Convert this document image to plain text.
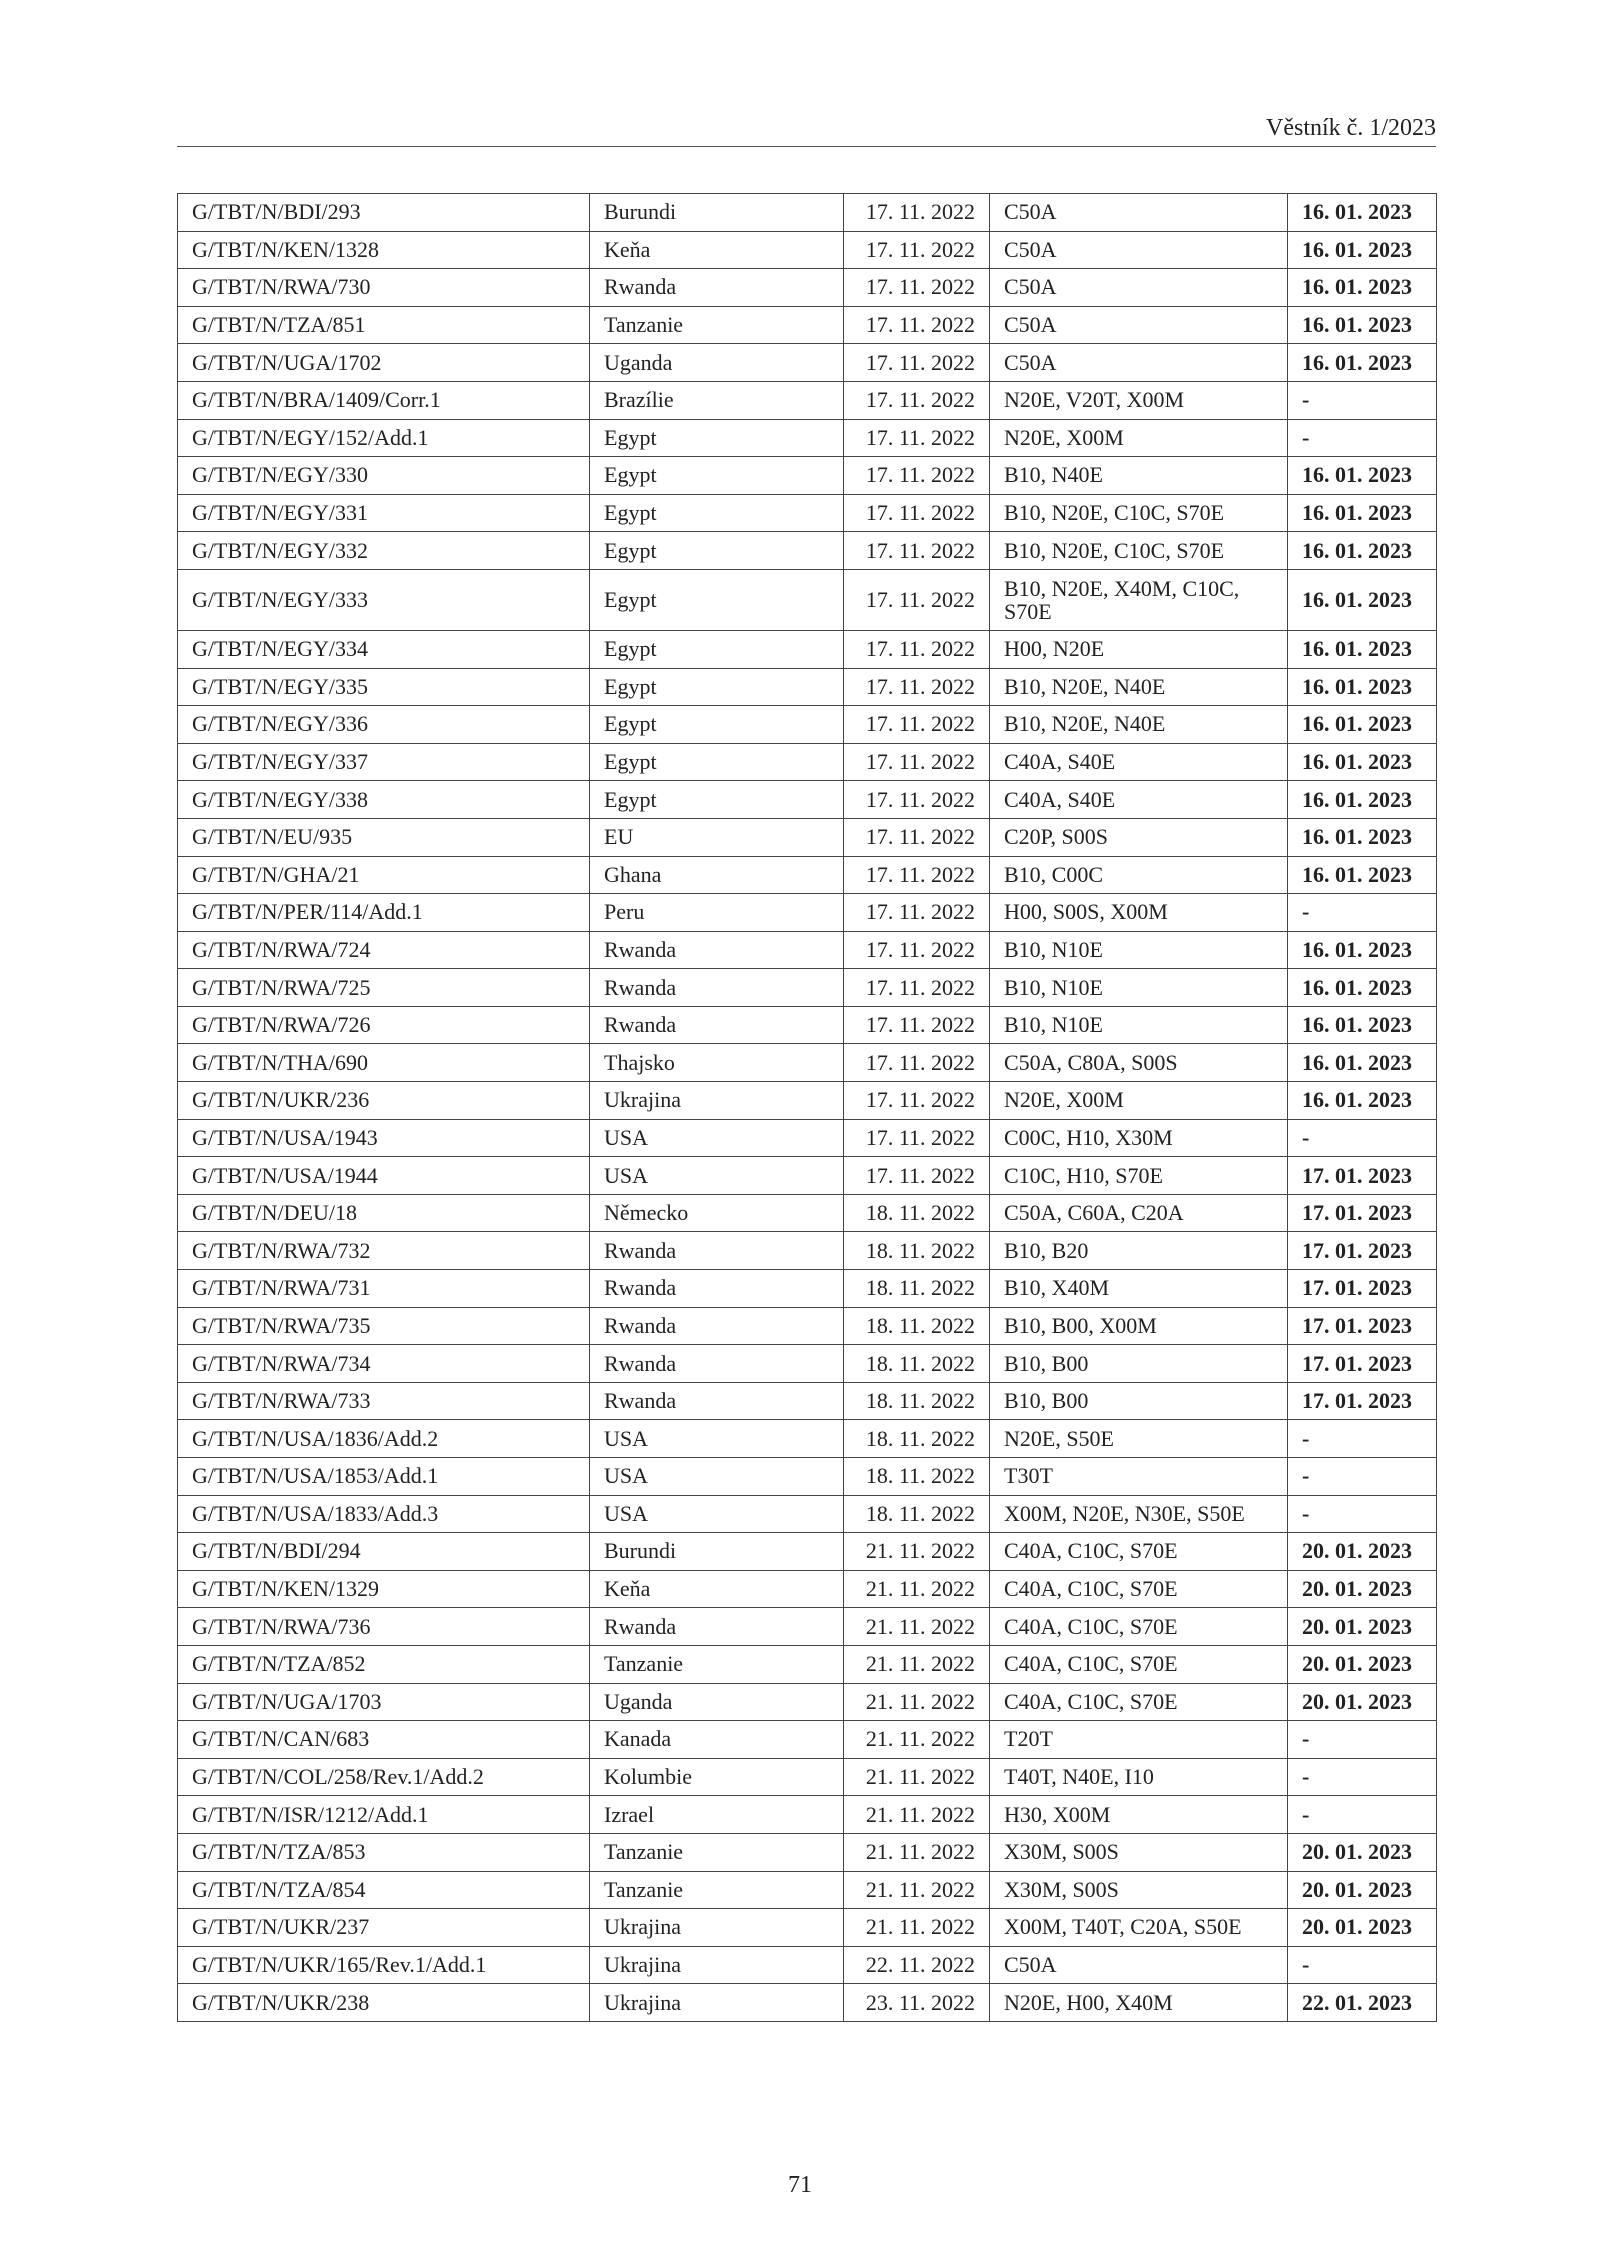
Věstník č. 1/2023
G/TBT/N/BDI/293	Burundi	17. 11. 2022	C50A	16. 01. 2023
G/TBT/N/KEN/1328	Keňa	17. 11. 2022	C50A	16. 01. 2023
G/TBT/N/RWA/730	Rwanda	17. 11. 2022	C50A	16. 01. 2023
G/TBT/N/TZA/851	Tanzanie	17. 11. 2022	C50A	16. 01. 2023
G/TBT/N/UGA/1702	Uganda	17. 11. 2022	C50A	16. 01. 2023
G/TBT/N/BRA/1409/Corr.1	Brazílie	17. 11. 2022	N20E, V20T, X00M	-
G/TBT/N/EGY/152/Add.1	Egypt	17. 11. 2022	N20E, X00M	-
G/TBT/N/EGY/330	Egypt	17. 11. 2022	B10, N40E	16. 01. 2023
G/TBT/N/EGY/331	Egypt	17. 11. 2022	B10, N20E, C10C, S70E	16. 01. 2023
G/TBT/N/EGY/332	Egypt	17. 11. 2022	B10, N20E, C10C, S70E	16. 01. 2023
G/TBT/N/EGY/333	Egypt	17. 11. 2022	B10, N20E, X40M, C10C, S70E	16. 01. 2023
G/TBT/N/EGY/334	Egypt	17. 11. 2022	H00, N20E	16. 01. 2023
G/TBT/N/EGY/335	Egypt	17. 11. 2022	B10, N20E, N40E	16. 01. 2023
G/TBT/N/EGY/336	Egypt	17. 11. 2022	B10, N20E, N40E	16. 01. 2023
G/TBT/N/EGY/337	Egypt	17. 11. 2022	C40A, S40E	16. 01. 2023
G/TBT/N/EGY/338	Egypt	17. 11. 2022	C40A, S40E	16. 01. 2023
G/TBT/N/EU/935	EU	17. 11. 2022	C20P, S00S	16. 01. 2023
G/TBT/N/GHA/21	Ghana	17. 11. 2022	B10, C00C	16. 01. 2023
G/TBT/N/PER/114/Add.1	Peru	17. 11. 2022	H00, S00S, X00M	-
G/TBT/N/RWA/724	Rwanda	17. 11. 2022	B10, N10E	16. 01. 2023
G/TBT/N/RWA/725	Rwanda	17. 11. 2022	B10, N10E	16. 01. 2023
G/TBT/N/RWA/726	Rwanda	17. 11. 2022	B10, N10E	16. 01. 2023
G/TBT/N/THA/690	Thajsko	17. 11. 2022	C50A, C80A, S00S	16. 01. 2023
G/TBT/N/UKR/236	Ukrajina	17. 11. 2022	N20E, X00M	16. 01. 2023
G/TBT/N/USA/1943	USA	17. 11. 2022	C00C, H10, X30M	-
G/TBT/N/USA/1944	USA	17. 11. 2022	C10C, H10, S70E	17. 01. 2023
G/TBT/N/DEU/18	Německo	18. 11. 2022	C50A, C60A, C20A	17. 01. 2023
G/TBT/N/RWA/732	Rwanda	18. 11. 2022	B10, B20	17. 01. 2023
G/TBT/N/RWA/731	Rwanda	18. 11. 2022	B10, X40M	17. 01. 2023
G/TBT/N/RWA/735	Rwanda	18. 11. 2022	B10, B00, X00M	17. 01. 2023
G/TBT/N/RWA/734	Rwanda	18. 11. 2022	B10, B00	17. 01. 2023
G/TBT/N/RWA/733	Rwanda	18. 11. 2022	B10, B00	17. 01. 2023
G/TBT/N/USA/1836/Add.2	USA	18. 11. 2022	N20E, S50E	-
G/TBT/N/USA/1853/Add.1	USA	18. 11. 2022	T30T	-
G/TBT/N/USA/1833/Add.3	USA	18. 11. 2022	X00M, N20E, N30E, S50E	-
G/TBT/N/BDI/294	Burundi	21. 11. 2022	C40A, C10C, S70E	20. 01. 2023
G/TBT/N/KEN/1329	Keňa	21. 11. 2022	C40A, C10C, S70E	20. 01. 2023
G/TBT/N/RWA/736	Rwanda	21. 11. 2022	C40A, C10C, S70E	20. 01. 2023
G/TBT/N/TZA/852	Tanzanie	21. 11. 2022	C40A, C10C, S70E	20. 01. 2023
G/TBT/N/UGA/1703	Uganda	21. 11. 2022	C40A, C10C, S70E	20. 01. 2023
G/TBT/N/CAN/683	Kanada	21. 11. 2022	T20T	-
G/TBT/N/COL/258/Rev.1/Add.2	Kolumbie	21. 11. 2022	T40T, N40E, I10	-
G/TBT/N/ISR/1212/Add.1	Izrael	21. 11. 2022	H30, X00M	-
G/TBT/N/TZA/853	Tanzanie	21. 11. 2022	X30M, S00S	20. 01. 2023
G/TBT/N/TZA/854	Tanzanie	21. 11. 2022	X30M, S00S	20. 01. 2023
G/TBT/N/UKR/237	Ukrajina	21. 11. 2022	X00M, T40T, C20A, S50E	20. 01. 2023
G/TBT/N/UKR/165/Rev.1/Add.1	Ukrajina	22. 11. 2022	C50A	-
G/TBT/N/UKR/238	Ukrajina	23. 11. 2022	N20E, H00, X40M	22. 01. 2023
71
